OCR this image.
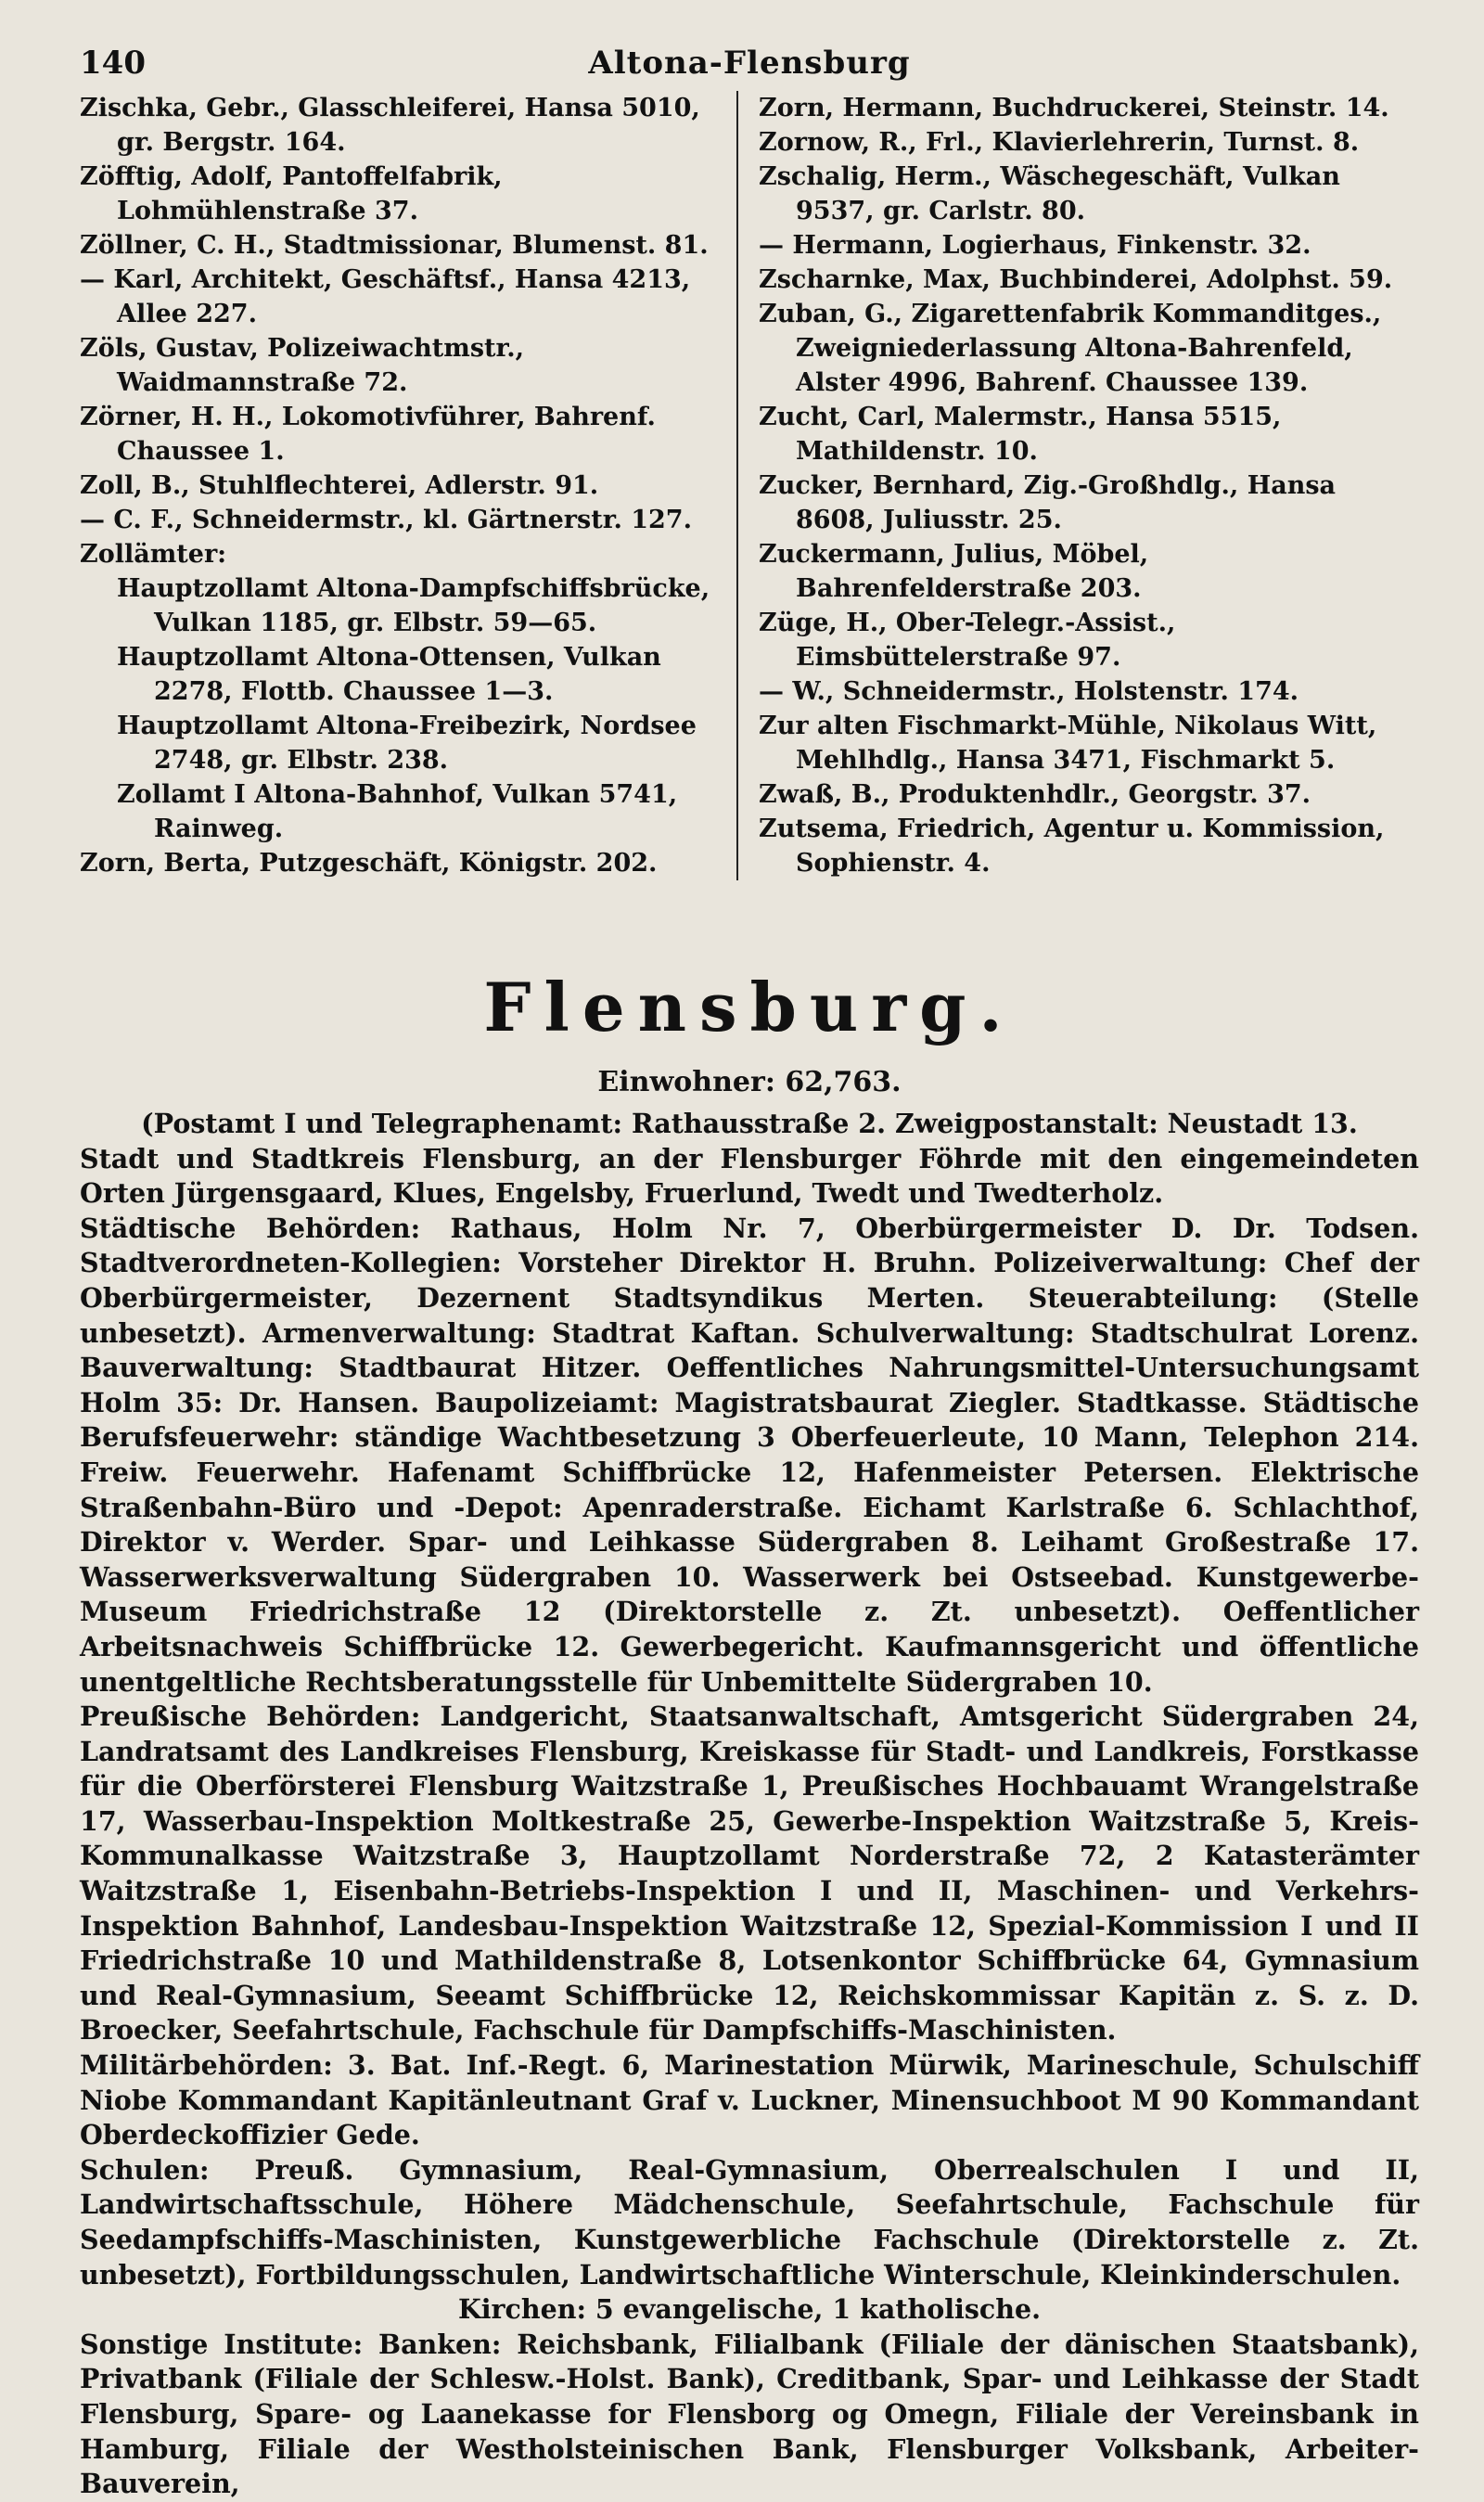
140	Altona-Flensburg

Zischka, Gebr., Glasschleiferei, Hansa 5010, gr. Bergstr. 164.

Zöfftig, Adolf, Pantoffelfabrik, Lohmühlenstraße 37.

Zöllner, C. H., Stadtmissionar, Blumenst. 81.

— Karl, Architekt, Geschäftsf., Hansa 4213, Allee 227.

Zöls, Gustav, Polizeiwachtmstr., Waidmannstraße 72.

Zörner, H. H., Lokomotivführer, Bahrenf. Chaussee 1.

Zoll, B., Stuhlflechterei, Adlerstr. 91.

— C. F., Schneidermstr., kl. Gärtnerstr. 127.

Zollämter:

Hauptzollamt Altona-Dampfschiffsbrücke, Vulkan 1185, gr. Elbstr. 59—65.

Hauptzollamt Altona-Ottensen, Vulkan 2278, Flottb. Chaussee 1—3.

Hauptzollamt Altona-Freibezirk, Nordsee 2748, gr. Elbstr. 238.

Zollamt I Altona-Bahnhof, Vulkan 5741, Rainweg.

Zorn, Berta, Putzgeschäft, Königstr. 202.

Zorn, Hermann, Buchdruckerei, Steinstr. 14.

Zornow, R., Frl., Klavierlehrerin, Turnst. 8.

Zschalig, Herm., Wäschegeschäft, Vulkan 9537, gr. Carlstr. 80.

— Hermann, Logierhaus, Finkenstr. 32.

Zscharnke, Max, Buchbinderei, Adolphst. 59.

Zuban, G., Zigarettenfabrik Kommanditges., Zweigniederlassung Altona-Bahrenfeld, Alster 4996, Bahrenf. Chaussee 139.

Zucht, Carl, Malermstr., Hansa 5515, Mathildenstr. 10.

Zucker, Bernhard, Zig.-Großhdlg., Hansa 8608, Juliusstr. 25.

Zuckermann, Julius, Möbel, Bahrenfelderstraße 203.

Züge, H., Ober-Telegr.-Assist., Eimsbüttelerstraße 97.

— W., Schneidermstr., Holstenstr. 174.

Zur alten Fischmarkt-Mühle, Nikolaus Witt, Mehlhdlg., Hansa 3471, Fischmarkt 5.

Zwaß, B., Produktenhdlr., Georgstr. 37.

Zutsema, Friedrich, Agentur u. Kommission, Sophienstr. 4.

Flensburg.
Einwohner: 62,763.

(Postamt I und Telegraphenamt: Rathausstraße 2. Zweigpostanstalt: Neustadt 13.

Stadt und Stadtkreis Flensburg, an der Flensburger Föhrde mit den eingemeindeten Orten Jürgensgaard, Klues, Engelsby, Fruerlund, Twedt und Twedterholz.

Städtische Behörden: Rathaus, Holm Nr. 7, Oberbürgermeister D. Dr. Todsen. Stadtverordneten-Kollegien: Vorsteher Direktor H. Bruhn. Polizeiverwaltung: Chef der Oberbürgermeister, Dezernent Stadtsyndikus Merten. Steuerabteilung: (Stelle unbesetzt). Armenverwaltung: Stadtrat Kaftan. Schulverwaltung: Stadtschulrat Lorenz. Bauverwaltung: Stadtbaurat Hitzer. Oeffentliches Nahrungsmittel-Untersuchungsamt Holm 35: Dr. Hansen. Baupolizeiamt: Magistratsbaurat Ziegler. Stadtkasse. Städtische Berufsfeuerwehr: ständige Wachtbesetzung 3 Oberfeuerleute, 10 Mann, Telephon 214. Freiw. Feuerwehr. Hafenamt Schiffbrücke 12, Hafenmeister Petersen. Elektrische Straßenbahn-Büro und -Depot: Apenraderstraße. Eichamt Karlstraße 6. Schlachthof, Direktor v. Werder. Spar- und Leihkasse Südergraben 8. Leihamt Großestraße 17. Wasserwerksverwaltung Südergraben 10. Wasserwerk bei Ostseebad. Kunstgewerbe-Museum Friedrichstraße 12 (Direktorstelle z. Zt. unbesetzt). Oeffentlicher Arbeitsnachweis Schiffbrücke 12. Gewerbegericht. Kaufmannsgericht und öffentliche unentgeltliche Rechtsberatungsstelle für Unbemittelte Südergraben 10.

Preußische Behörden: Landgericht, Staatsanwaltschaft, Amtsgericht Südergraben 24, Landratsamt des Landkreises Flensburg, Kreiskasse für Stadt- und Landkreis, Forstkasse für die Oberförsterei Flensburg Waitzstraße 1, Preußisches Hochbauamt Wrangelstraße 17, Wasserbau-Inspektion Moltkestraße 25, Gewerbe-Inspektion Waitzstraße 5, Kreis-Kommunalkasse Waitzstraße 3, Hauptzollamt Norderstraße 72, 2 Katasterämter Waitzstraße 1, Eisenbahn-Betriebs-Inspektion I und II, Maschinen- und Verkehrs-Inspektion Bahnhof, Landesbau-Inspektion Waitzstraße 12, Spezial-Kommission I und II Friedrichstraße 10 und Mathildenstraße 8, Lotsenkontor Schiffbrücke 64, Gymnasium und Real-Gymnasium, Seeamt Schiffbrücke 12, Reichskommissar Kapitän z. S. z. D. Broecker, Seefahrtschule, Fachschule für Dampfschiffs-Maschinisten.

Militärbehörden: 3. Bat. Inf.-Regt. 6, Marinestation Mürwik, Marineschule, Schulschiff Niobe Kommandant Kapitänleutnant Graf v. Luckner, Minensuchboot M 90 Kommandant Oberdeckoffizier Gede.

Schulen: Preuß. Gymnasium, Real-Gymnasium, Oberrealschulen I und II, Landwirtschaftsschule, Höhere Mädchenschule, Seefahrtschule, Fachschule für Seedampfschiffs-Maschinisten, Kunstgewerbliche Fachschule (Direktorstelle z. Zt. unbesetzt), Fortbildungsschulen, Landwirtschaftliche Winterschule, Kleinkinderschulen.

Kirchen: 5 evangelische, 1 katholische.

Sonstige Institute: Banken: Reichsbank, Filialbank (Filiale der dänischen Staatsbank), Privatbank (Filiale der Schlesw.-Holst. Bank), Creditbank, Spar- und Leihkasse der Stadt Flensburg, Spare- og Laanekasse for Flensborg og Omegn, Filiale der Vereinsbank in Hamburg, Filiale der Westholsteinischen Bank, Flensburger Volksbank, Arbeiter-Bauverein,
